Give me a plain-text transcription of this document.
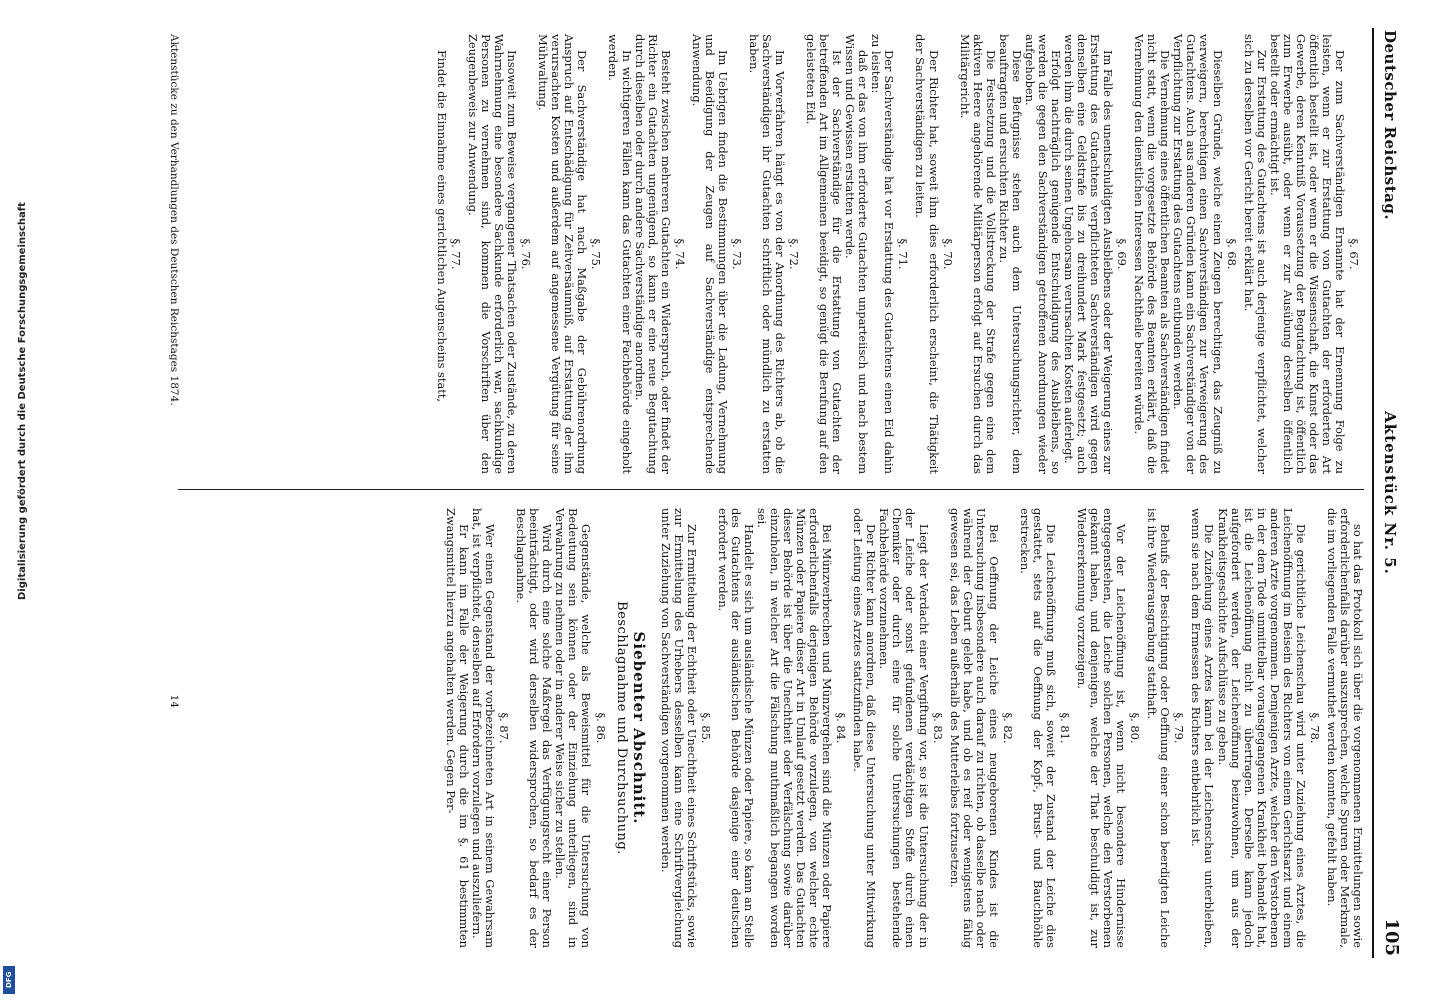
Digitalisierung gefördert durch die Deutsche Forschungsgemeinschaft
DFG
Deutscher Reichstag.
Aktenstück Nr. 5.
105

§. 67.

Der zum Sachverständigen Ernannte hat der Ernennung Folge zu leisten, wenn er zur Erstattung von Gutachten der erforderten Art öffentlich bestellt ist, oder wenn er die Wissenschaft, die Kunst oder das Gewerbe, deren Kenntniß Voraussetzung der Begutachtung ist, öffentlich zum Erwerbe ausübt, oder wenn er zur Ausübung derselben öffentlich bestellt oder ermächtigt ist.

Zur Erstattung des Gutachtens ist auch derjenige verpflichtet, welcher sich zu derselben vor Gericht bereit erklärt hat.

§. 68.

Dieselben Gründe, welche einen Zeugen berechtigen, das Zeugniß zu verweigern, berechtigen einen Sachverständigen zur Verweigerung des Gutachtens. Auch aus anderen Gründen kann ein Sachverständiger von der Verpflichtung zur Erstattung des Gutachtens entbunden werden.

Die Vernehmung eines öffentlichen Beamten als Sachverständigen findet nicht statt, wenn die vorgesetzte Behörde des Beamten erklärt, daß die Vernehmung den dienstlichen Interessen Nachtheile bereiten würde.

§. 69.

Im Falle des unentschuldigten Ausbleibens oder der Weigerung eines zur Erstattung des Gutachtens verpflichteten Sachverständigen wird gegen denselben eine Geldstrafe bis zu dreihundert Mark festgesetzt; auch werden ihm die durch seinen Ungehorsam verursachten Kosten auferlegt.

Erfolgt nachträglich genügende Entschuldigung des Ausbleibens, so werden die gegen den Sachverständigen getroffenen Anordnungen wieder aufgehoben.

Diese Befugnisse stehen auch dem Untersuchungsrichter, dem beauftragten und ersuchten Richter zu.

Die Festsetzung und die Vollstreckung der Strafe gegen eine dem aktiven Heere angehörende Militärperson erfolgt auf Ersuchen durch das Militärgericht.

§. 70.

Der Richter hat, soweit ihm dies erforderlich erscheint, die Thätigkeit der Sachverständigen zu leiten.

§. 71.

Der Sachverständige hat vor Erstattung des Gutachtens einen Eid dahin zu leisten:

daß er das von ihm erforderte Gutachten unparteiisch und nach bestem Wissen und Gewissen erstatten werde.

Ist der Sachverständige für die Erstattung von Gutachten der betreffenden Art im Allgemeinen beeidigt, so genügt die Berufung auf den geleisteten Eid.

§. 72.

Im Vorverfahren hängt es von der Anordnung des Richters ab, ob die Sachverständigen ihr Gutachten schriftlich oder mündlich zu erstatten haben.

§. 73.

Im Uebrigen finden die Bestimmungen über die Ladung, Vernehmung und Beeidigung der Zeugen auf Sachverständige entsprechende Anwendung.

§. 74.

Besteht zwischen mehreren Gutachten ein Widerspruch, oder findet der Richter ein Gutachten ungenügend, so kann er eine neue Begutachtung durch dieselben oder durch andere Sachverständige anordnen.

In wichtigeren Fällen kann das Gutachten einer Fachbehörde eingeholt werden.

§. 75.

Der Sachverständige hat nach Maßgabe der Gebührenordnung Anspruch auf Entschädigung für Zeitversäumniß, auf Erstattung der ihm verursachten Kosten und außerdem auf angemessene Vergütung für seine Mühwaltung.

§. 76.

Insoweit zum Beweise vergangener Thatsachen oder Zustände, zu deren Wahrnehmung eine besondere Sachkunde erforderlich war, sachkundige Personen zu vernehmen sind, kommen die Vorschriften über den Zeugenbeweis zur Anwendung.

§. 77.

Findet die Einnahme eines gerichtlichen Augenscheins statt,

so hat das Protokoll sich über die vorgenommenen Ermittelungen sowie erforderlichenfalls darüber auszusprechen, welche Spuren oder Merkmale, die im vorliegenden Falle vermuthet werden konnten, gefehlt haben.

§. 78.

Die gerichtliche Leichenschau wird unter Zuziehung eines Arztes, die Leichenöffnung im Beisein des Richters von einem Gerichtsarzt und einem anderen Arzte vorgenommen. Demjenigen Arzte, welcher den Verstorbenen in der dem Tode unmittelbar vorausgegangenen Krankheit behandelt hat, ist die Leichenöffnung nicht zu übertragen. Derselbe kann jedoch aufgefordert werden, der Leichenöffnung beizuwohnen, um aus der Krankheitsgeschichte Aufschlüsse zu geben.

Die Zuziehung eines Arztes kann bei der Leichenschau unterbleiben, wenn sie nach dem Ermessen des Richters entbehrlich ist.

§. 79.

Behufs der Besichtigung oder Oeffnung einer schon beerdigten Leiche ist ihre Wiederausgrabung statthaft.

§. 80.

Vor der Leichenöffnung ist, wenn nicht besondere Hindernisse entgegenstehen, die Leiche solchen Personen, welche den Verstorbenen gekannt haben, und denjenigen, welche der That beschuldigt ist, zur Wiedererkennung vorzuzeigen.

§. 81.

Die Leichenöffnung muß sich, soweit der Zustand der Leiche dies gestattet, stets auf die Oeffnung der Kopf-, Brust- und Bauchhöhle erstrecken.

§. 82.

Bei Oeffnung der Leiche eines neugeborenen Kindes ist die Untersuchung insbesondere auch darauf zu richten, ob dasselbe nach oder während der Geburt gelebt habe, und ob es reif oder wenigstens fähig gewesen sei, das Leben außerhalb des Mutterleibes fortzusetzen.

§. 83.

Liegt der Verdacht einer Vergiftung vor, so ist die Untersuchung der in der Leiche oder sonst gefundenen verdächtigen Stoffe durch einen Chemiker oder durch eine für solche Untersuchungen bestehende Fachbehörde vorzunehmen.

Der Richter kann anordnen, daß diese Untersuchung unter Mitwirkung oder Leitung eines Arztes stattzufinden habe.

§. 84.

Bei Münzverbrechen und Münzvergehen sind die Münzen oder Papiere erforderlichenfalls derjenigen Behörde vorzulegen, von welcher echte Münzen oder Papiere dieser Art in Umlauf gesetzt werden. Das Gutachten dieser Behörde ist über die Unechtheit oder Verfälschung sowie darüber einzuholen, in welcher Art die Fälschung muthmaßlich begangen worden sei.

Handelt es sich um ausländische Münzen oder Papiere, so kann an Stelle des Gutachtens der ausländischen Behörde dasjenige einer deutschen erfordert werden.

§. 85.

Zur Ermittelung der Echtheit oder Unechtheit eines Schriftstücks, sowie zur Ermittelung des Urhebers desselben kann eine Schriftvergleichung unter Zuziehung von Sachverständigen vorgenommen werden.

Siebenter Abschnitt.

Beschlagnahme und Durchsuchung.

§. 86.

Gegenstände, welche als Beweismittel für die Untersuchung von Bedeutung sein können oder der Einziehung unterliegen, sind in Verwahrung zu nehmen oder in anderer Weise sicher zu stellen.

Wird durch eine solche Maßregel das Verfügungsrecht einer Person beeinträchtigt, oder wird derselben widersprochen, so bedarf es der Beschlagnahme.

§. 87.

Wer einen Gegenstand der vorbezeichneten Art in seinem Gewahrsam hat, ist verpflichtet, denselben auf Erfordern vorzulegen und auszuliefern.

Er kann im Falle der Weigerung durch die im §. 61 bestimmten Zwangsmittel hierzu angehalten werden. Gegen Per-

Aktenstücke zu den Verhandlungen des Deutschen Reichstages 1874.
14
